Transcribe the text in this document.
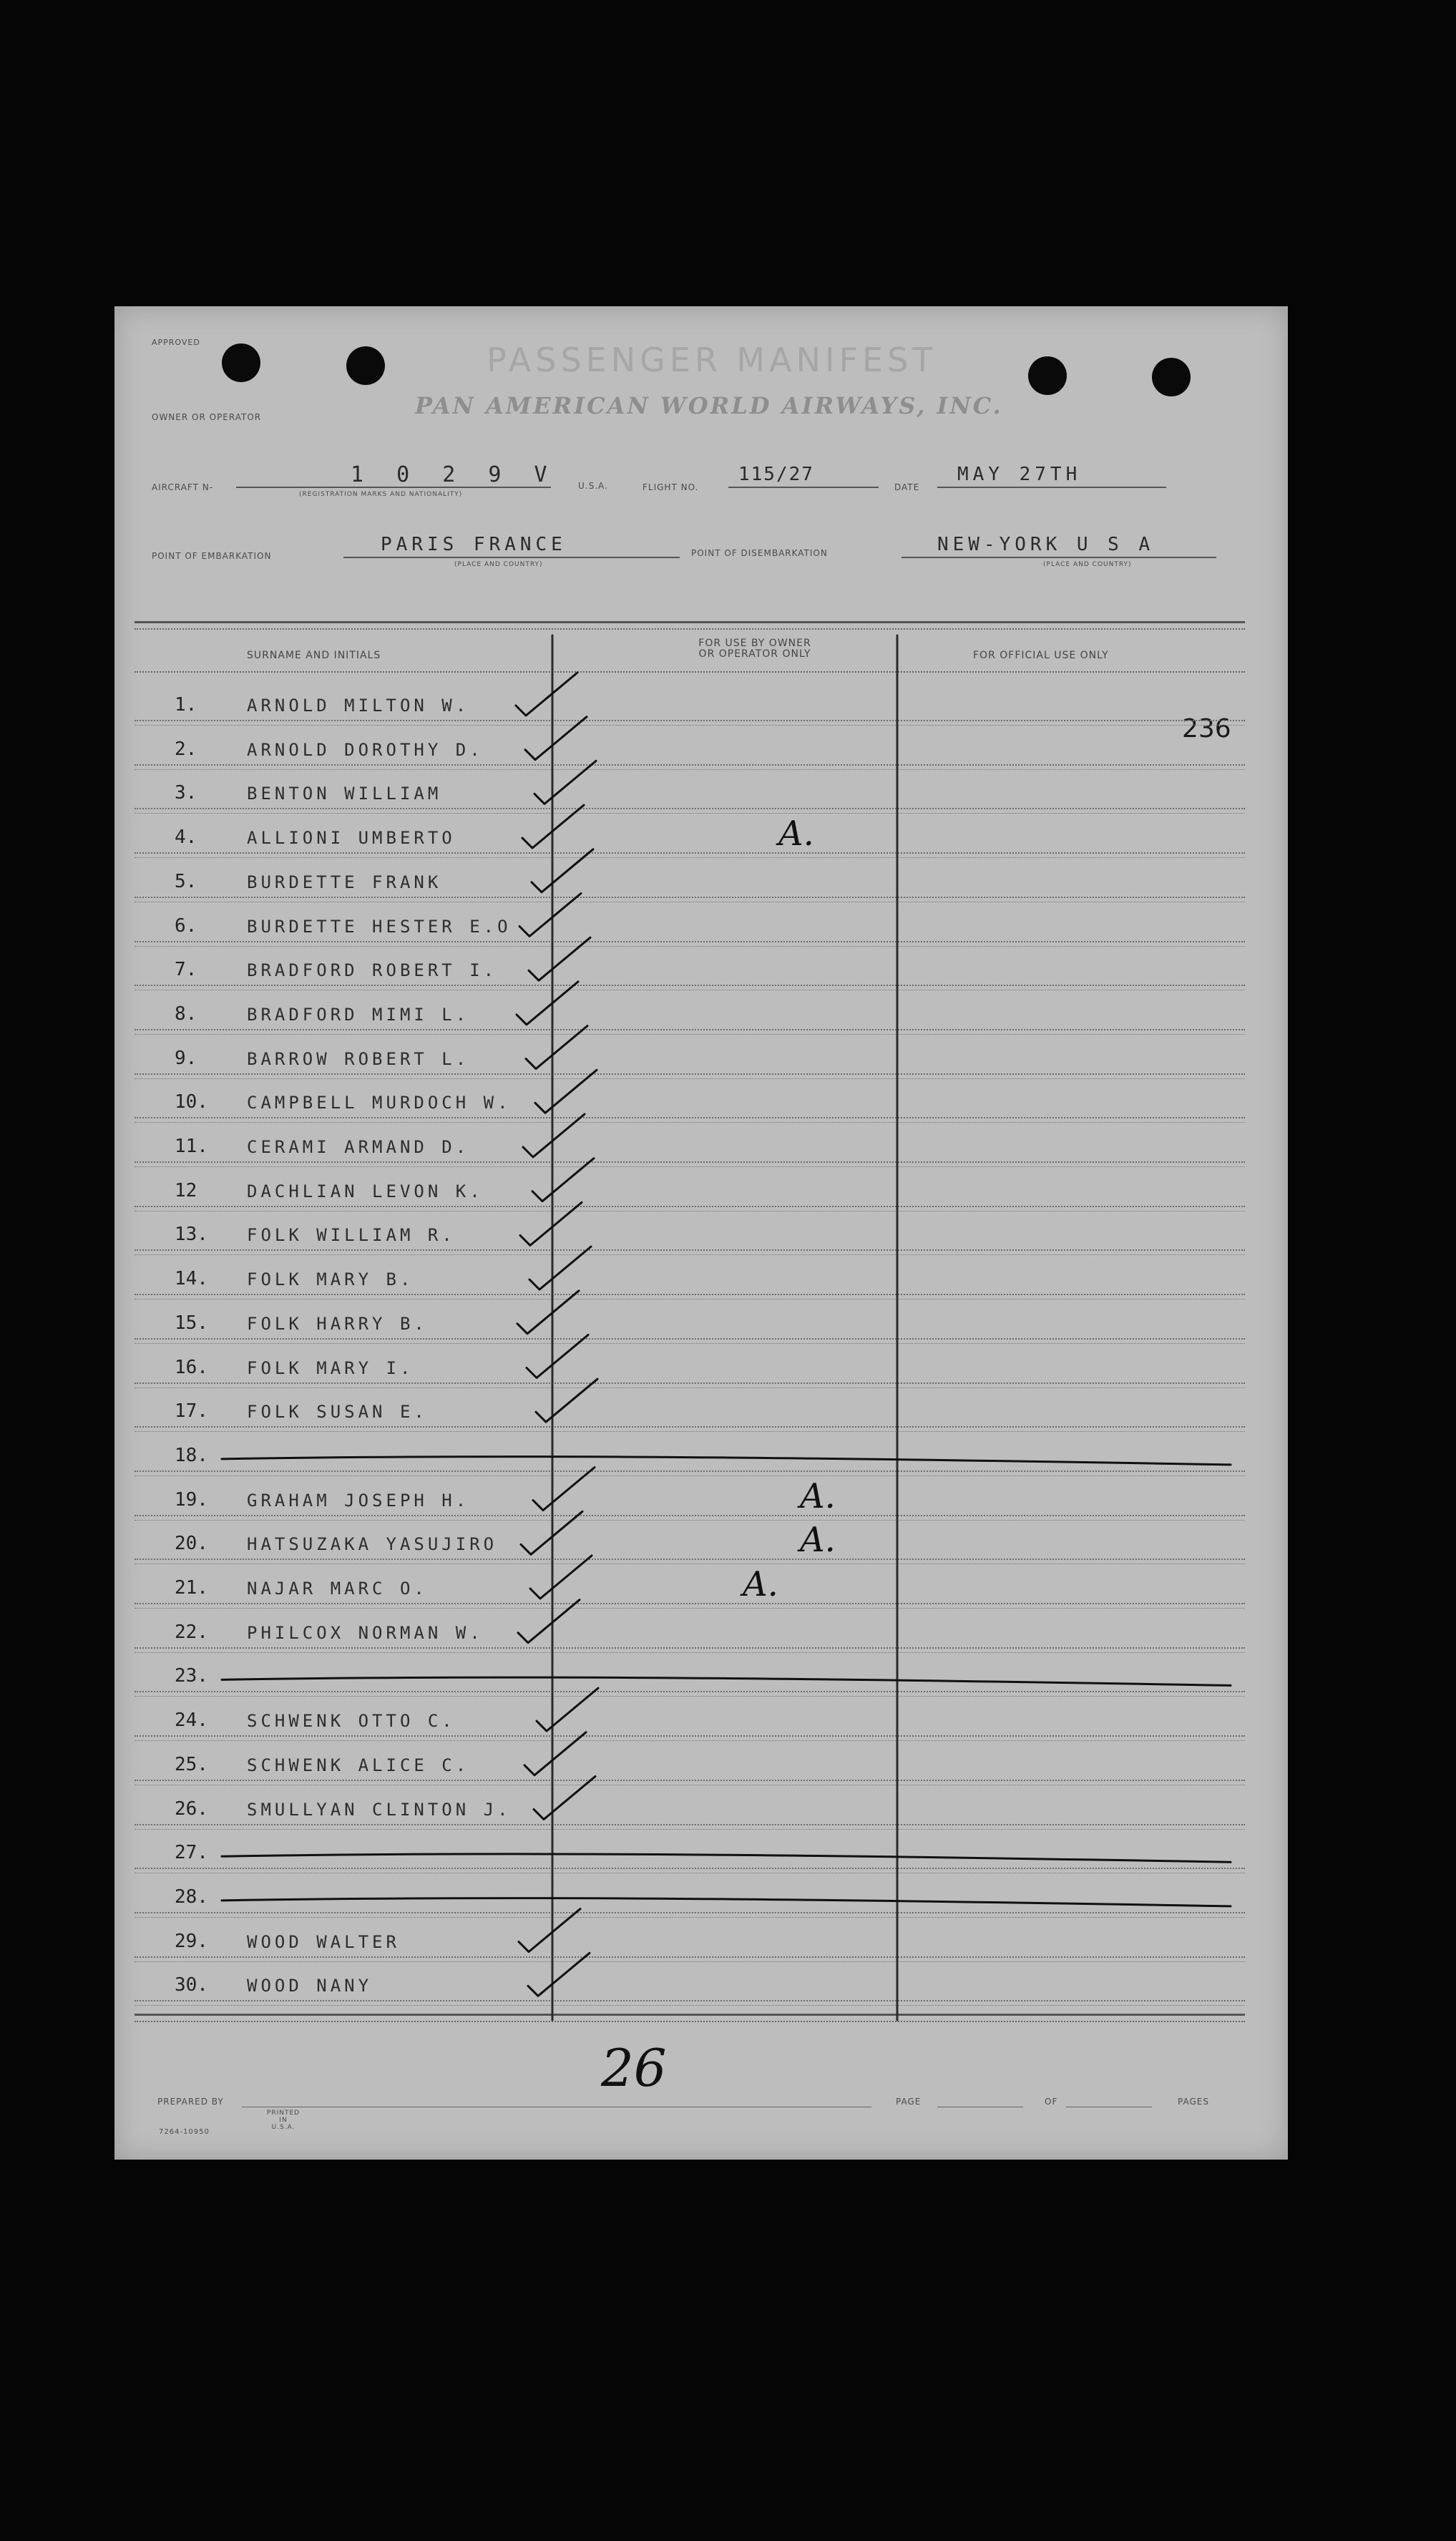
APPROVED	PASSENGER MANIFEST
PAN AMERICAN WORLD AIRWAYS, INC.
OWNER OR OPERATOR
AIRCRAFT N-	1 0 2 9 V
(REGISTRATION MARKS AND NATIONALITY)
U.S.A.	FLIGHT NO.
115/27
DATE
MAY 27TH
POINT OF EMBARKATION
PARIS FRANCE
(PLACE AND COUNTRY)
POINT OF DISEMBARKATION	NEW-YORK U S A
(PLACE AND COUNTRY)
SURNAME AND INITIALS
FOR USE BY OWNER
OR OPERATOR ONLY	FOR OFFICIAL USE ONLY
236
1.	ARNOLD MILTON W.
2.	ARNOLD DOROTHY D.
3.	BENTON WILLIAM
4.	ALLIONI UMBERTO	A.
5.	BURDETTE FRANK
6.	BURDETTE HESTER E.O
7.	BRADFORD ROBERT I.
8.	BRADFORD MIMI L.
9.	BARROW ROBERT L.
10. CAMPBELL MURDOCH W.
11. CERAMI ARMAND D.
12	DACHLIAN LEVON K.
13. FOLK WILLIAM R.
14. FOLK MARY B.
15. FOLK HARRY B.
16. FOLK MARY I.
17. FOLK SUSAN E.
18.
19. GRAHAM JOSEPH H.	A.
20. HATSUZAKA YASUJIRO	A.
21. NAJAR MARC O.	A.
22. PHILCOX NORMAN W.
23.
24. SCHWENK OTTO C.
25. SCHWENK ALICE C.
26. SMULLYAN CLINTON J.
27.
28.
29. WOOD WALTER
30. WOOD NANY
26
PREPARED BY	PAGE	OF	PAGES
7264-10950
PRINTED IN U.S.A.
